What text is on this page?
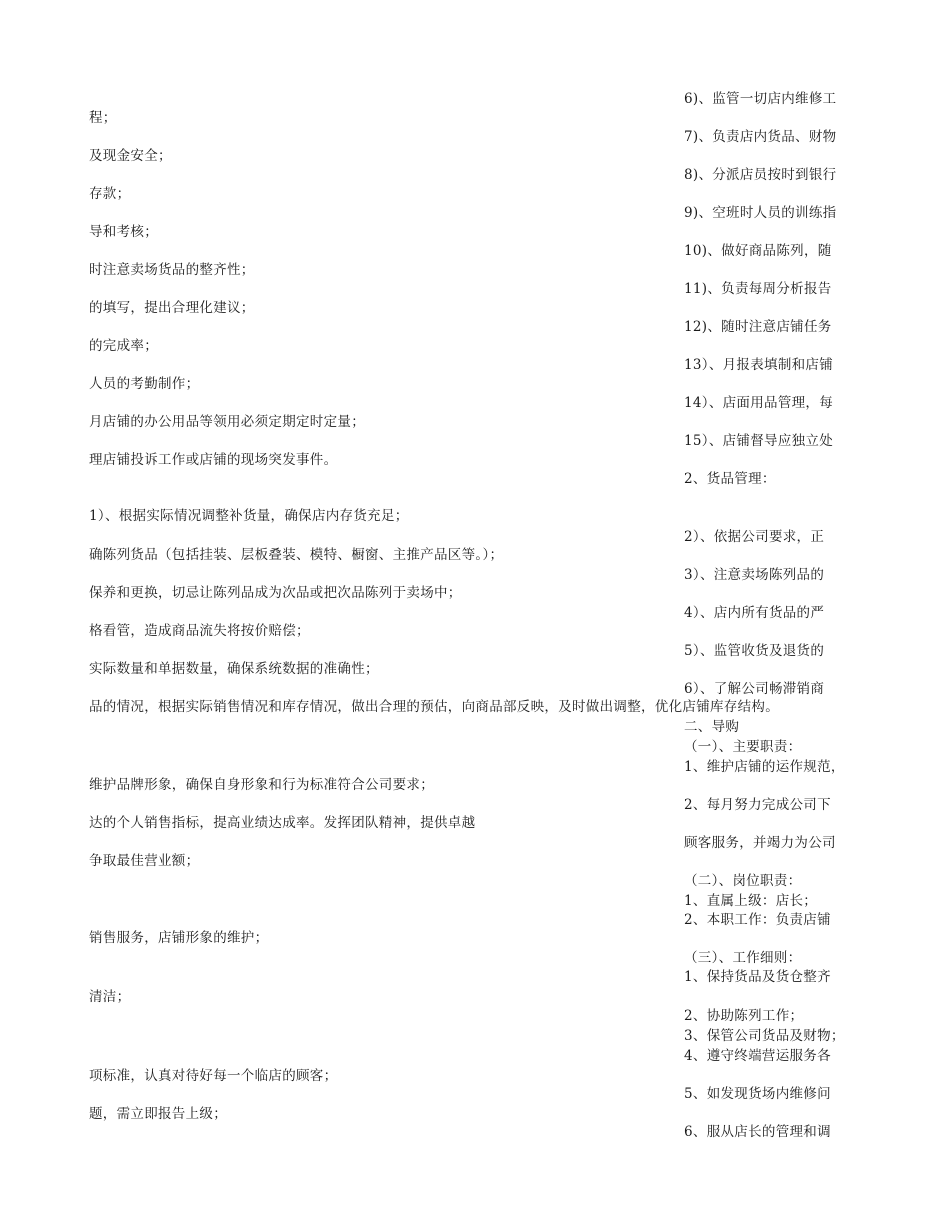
程；
及现金安全；
存款；
导和考核；
时注意卖场货品的整齐性；
的填写，提出合理化建议；
的完成率；
人员的考勤制作；
月店铺的办公用品等领用必须定期定时定量；
理店铺投诉工作或店铺的现场突发事件。
1）、根据实际情况调整补货量，确保店内存货充足；
确陈列货品（包括挂装、层板叠装、模特、橱窗、主推产品区等。）；
保养和更换，切忌让陈列品成为次品或把次品陈列于卖场中；
格看管，造成商品流失将按价赔偿；
实际数量和单据数量，确保系统数据的准确性；
品的情况，根据实际销售情况和库存情况，做出合理的预估，向商品部反映，及时做出调整，优化店铺库存结构。
维护品牌形象，确保自身形象和行为标准符合公司要求；
达的个人销售指标，提高业绩达成率。发挥团队精神，提供卓越
争取最佳营业额；
销售服务，店铺形象的维护；
清洁；
项标准，认真对待好每一个临店的顾客；
题，需立即报告上级；
6)、监管一切店内维修工
7)、负责店内货品、财物
8)、分派店员按时到银行
9)、空班时人员的训练指
10)、做好商品陈列，随
11)、负责每周分析报告
12)、随时注意店铺任务
13）、月报表填制和店铺
14）、店面用品管理，每
15）、店铺督导应独立处
2、货品管理：
2）、依据公司要求，正
3）、注意卖场陈列品的
4）、店内所有货品的严
5）、监管收货及退货的
6）、了解公司畅滞销商
二、导购
（一）、主要职责：
1、维护店铺的运作规范，
2、每月努力完成公司下
顾客服务，并竭力为公司
（二）、岗位职责：
1、直属上级：店长；
2、本职工作：负责店铺
（三）、工作细则：
1、保持货品及货仓整齐
2、协助陈列工作；
3、保管公司货品及财物；
4、遵守终端营运服务各
5、如发现货场内维修问
6、服从店长的管理和调
